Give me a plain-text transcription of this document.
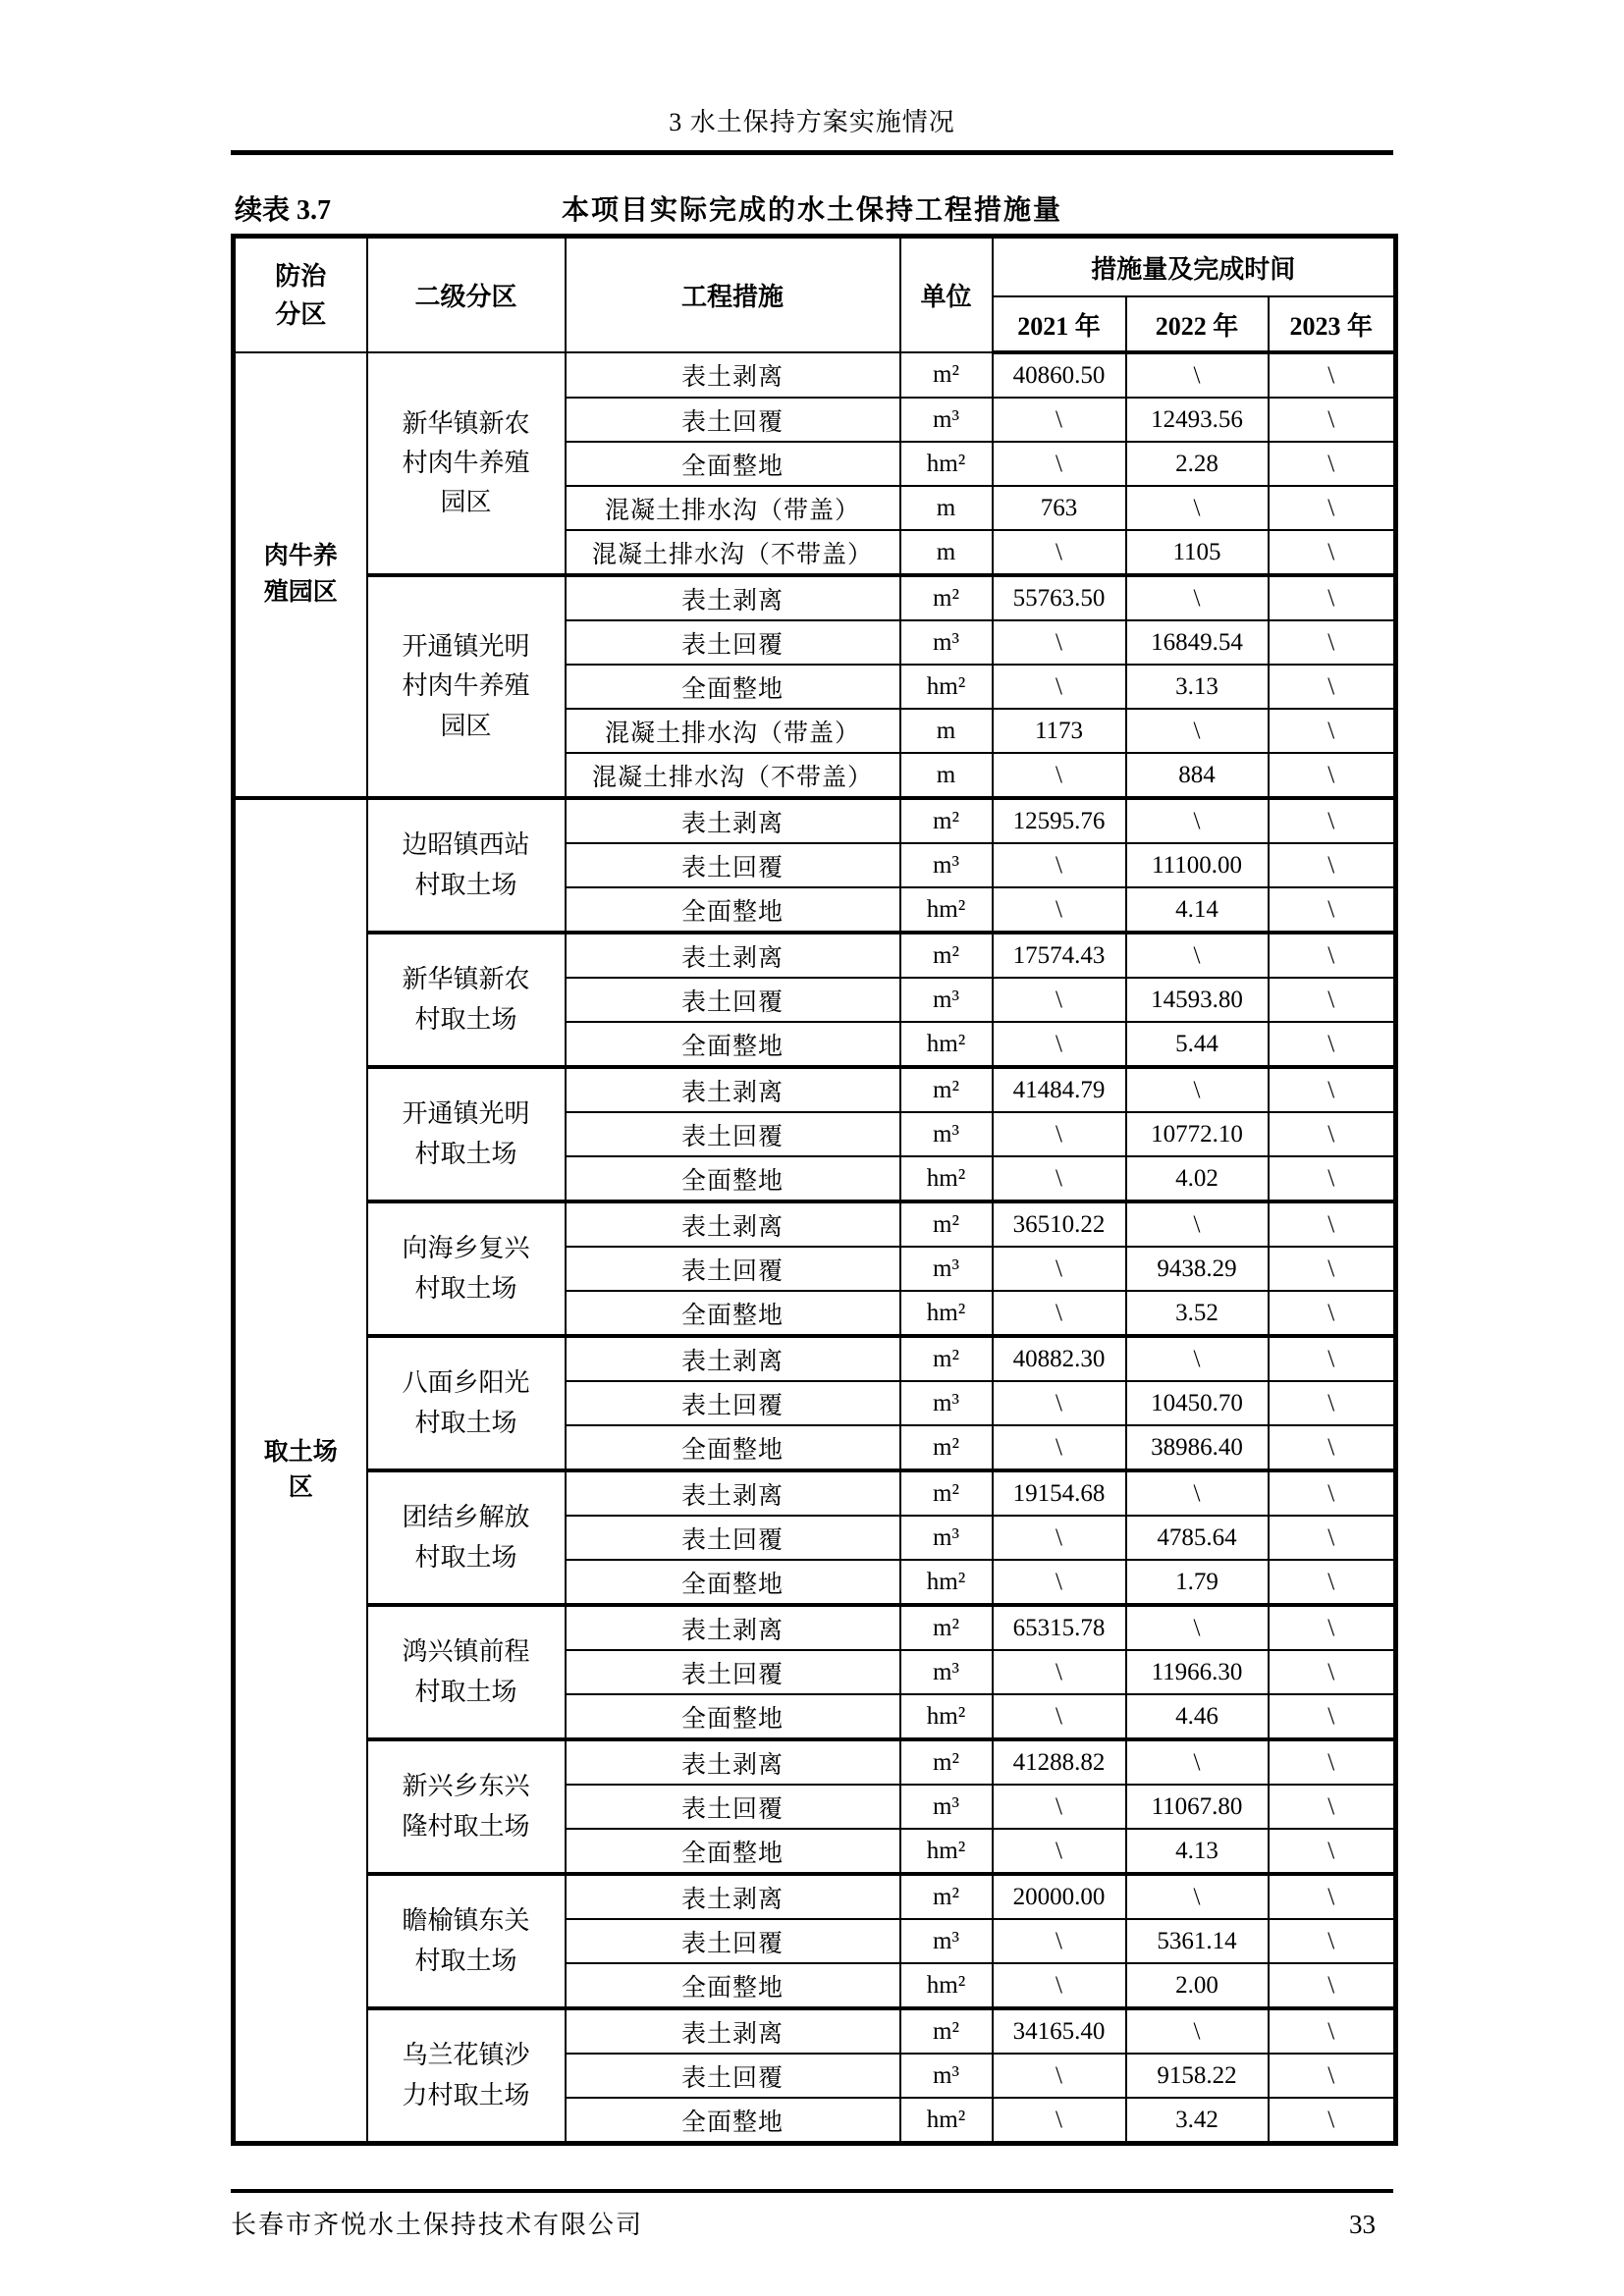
3 水土保持方案实施情况
续表 3.7	本项目实际完成的水土保持工程措施量
防治分区	二级分区	工程措施	单位	措施量及完成时间		
				2021 年	2022 年	2023 年
肉牛养殖园区	新华镇新农村肉牛养殖园区	表土剥离	m²	40860.50	\	\
		表土回覆	m³	\	12493.56	\
		全面整地	hm²	\	2.28	\
		混凝土排水沟（带盖）	m	763	\	\
		混凝土排水沟（不带盖）	m	\	1105	\
	开通镇光明村肉牛养殖园区	表土剥离	m²	55763.50	\	\
		表土回覆	m³	\	16849.54	\
		全面整地	hm²	\	3.13	\
		混凝土排水沟（带盖）	m	1173	\	\
		混凝土排水沟（不带盖）	m	\	884	\
取土场区	边昭镇西站村取土场	表土剥离	m²	12595.76	\	\
		表土回覆	m³	\	11100.00	\
		全面整地	hm²	\	4.14	\
	新华镇新农村取土场	表土剥离	m²	17574.43	\	\
		表土回覆	m³	\	14593.80	\
		全面整地	hm²	\	5.44	\
	开通镇光明村取土场	表土剥离	m²	41484.79	\	\
		表土回覆	m³	\	10772.10	\
		全面整地	hm²	\	4.02	\
	向海乡复兴村取土场	表土剥离	m²	36510.22	\	\
		表土回覆	m³	\	9438.29	\
		全面整地	hm²	\	3.52	\
	八面乡阳光村取土场	表土剥离	m²	40882.30	\	\
		表土回覆	m³	\	10450.70	\
		全面整地	m²	\	38986.40	\
	团结乡解放村取土场	表土剥离	m²	19154.68	\	\
		表土回覆	m³	\	4785.64	\
		全面整地	hm²	\	1.79	\
	鸿兴镇前程村取土场	表土剥离	m²	65315.78	\	\
		表土回覆	m³	\	11966.30	\
		全面整地	hm²	\	4.46	\
	新兴乡东兴隆村取土场	表土剥离	m²	41288.82	\	\
		表土回覆	m³	\	11067.80	\
		全面整地	hm²	\	4.13	\
	瞻榆镇东关村取土场	表土剥离	m²	20000.00	\	\
		表土回覆	m³	\	5361.14	\
		全面整地	hm²	\	2.00	\
	乌兰花镇沙力村取土场	表土剥离	m²	34165.40	\	\
		表土回覆	m³	\	9158.22	\
		全面整地	hm²	\	3.42	\
长春市齐悦水土保持技术有限公司	33
